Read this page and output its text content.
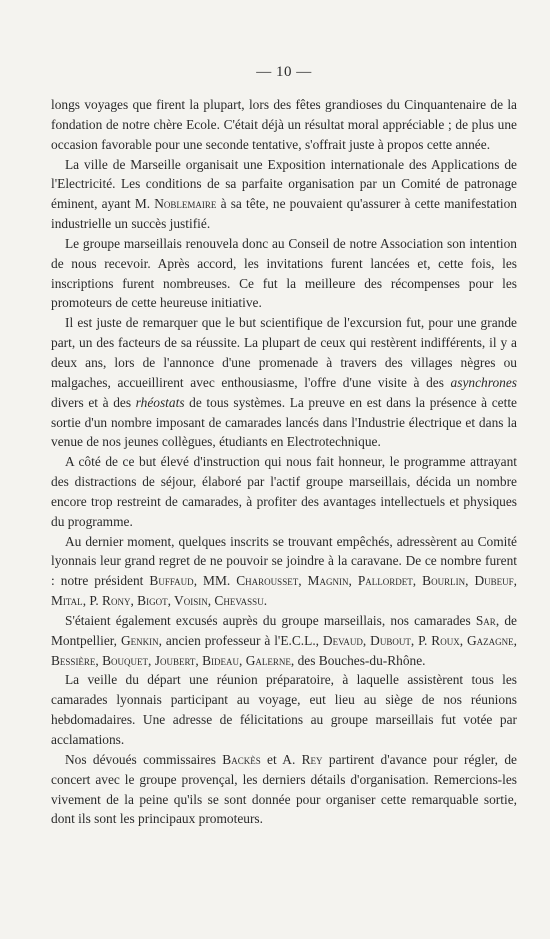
— 10 —

longs voyages que firent la plupart, lors des fêtes grandioses du Cinquantenaire de la fondation de notre chère Ecole. C'était déjà un résultat moral appréciable ; de plus une occasion favorable pour une seconde tentative, s'offrait juste à propos cette année.

La ville de Marseille organisait une Exposition internationale des Applications de l'Electricité. Les conditions de sa parfaite organisation par un Comité de patronage éminent, ayant M. Noblemaire à sa tête, ne pouvaient qu'assurer à cette manifestation industrielle un succès justifié.

Le groupe marseillais renouvela donc au Conseil de notre Association son intention de nous recevoir. Après accord, les invitations furent lancées et, cette fois, les inscriptions furent nombreuses. Ce fut la meilleure des récompenses pour les promoteurs de cette heureuse initiative.

Il est juste de remarquer que le but scientifique de l'excursion fut, pour une grande part, un des facteurs de sa réussite. La plupart de ceux qui restèrent indifférents, il y a deux ans, lors de l'annonce d'une promenade à travers des villages nègres ou malgaches, accueillirent avec enthousiasme, l'offre d'une visite à des asynchrones divers et à des rhéostats de tous systèmes. La preuve en est dans la présence à cette sortie d'un nombre imposant de camarades lancés dans l'Industrie électrique et dans la venue de nos jeunes collègues, étudiants en Electrotechnique.

A côté de ce but élevé d'instruction qui nous fait honneur, le programme attrayant des distractions de séjour, élaboré par l'actif groupe marseillais, décida un nombre encore trop restreint de camarades, à profiter des avantages intellectuels et physiques du programme.

Au dernier moment, quelques inscrits se trouvant empêchés, adressèrent au Comité lyonnais leur grand regret de ne pouvoir se joindre à la caravane. De ce nombre furent : notre président Buffaud, MM. Charousset, Magnin, Pallordet, Bourlin, Dubeuf, Mital, P. Rony, Bigot, Voisin, Chevassu.

S'étaient également excusés auprès du groupe marseillais, nos camarades Sar, de Montpellier, Genkin, ancien professeur à l'E.C.L., Devaud, Dubout, P. Roux, Gazagne, Bessière, Bouquet, Joubert, Bideau, Galerne, des Bouches-du-Rhône.

La veille du départ une réunion préparatoire, à laquelle assistèrent tous les camarades lyonnais participant au voyage, eut lieu au siège de nos réunions hebdomadaires. Une adresse de félicitations au groupe marseillais fut votée par acclamations.

Nos dévoués commissaires Backès et A. Rey partirent d'avance pour régler, de concert avec le groupe provençal, les derniers détails d'organisation. Remercions-les vivement de la peine qu'ils se sont donnée pour organiser cette remarquable sortie, dont ils sont les principaux promoteurs.
